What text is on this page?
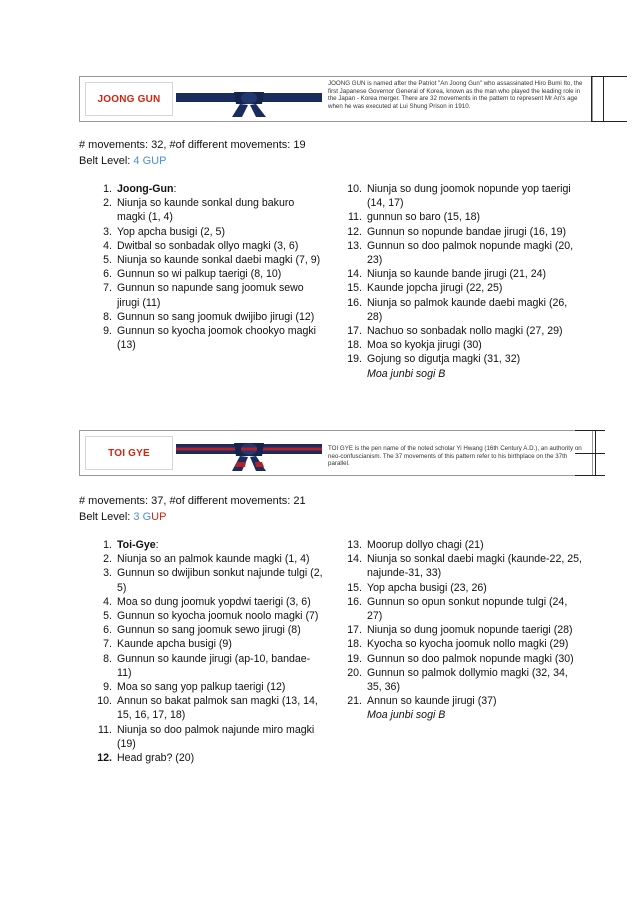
JOONG GUN
JOONG GUN is named after the Patriot "An Joong Gun" who assassinated Hiro Bumi Ito, the first Japanese Governor General of Korea, known as the man who played the leading role in the Japan - Korea merger. There are 32 movements in the pattern to represent Mr An's age when he was executed at Lui Shung Prison in 1910.
# movements: 32, #of different movements: 19
Belt Level: 4 GUP
1. Joong-Gun:
2. Niunja so kaunde sonkal dung bakuro magki (1, 4)
3. Yop apcha busigi (2, 5)
4. Dwitbal so sonbadak ollyo magki (3, 6)
5. Niunja so kaunde sonkal daebi magki (7, 9)
6. Gunnun so wi palkup taerigi (8, 10)
7. Gunnun so napunde sang joomuk sewo jirugi (11)
8. Gunnun so sang joomuk dwijibo jirugi (12)
9. Gunnun so kyocha joomok chookyo magki (13)
10. Niunja so dung joomok nopunde yop taerigi (14, 17)
11. gunnun so baro (15, 18)
12. Gunnun so nopunde bandae jirugi (16, 19)
13. Gunnun so doo palmok nopunde magki (20, 23)
14. Niunja so kaunde bande jirugi (21, 24)
15. Kaunde jopcha jirugi (22, 25)
16. Niunja so palmok kaunde daebi magki (26, 28)
17. Nachuo so sonbadak nollo magki (27, 29)
18. Moa so kyokja jirugi (30)
19. Gojung so digutja magki (31, 32)
Moa junbi sogi B
TOI GYE	TOI GYE is the pen name of the noted scholar Yi Hwang (16th Century A.D.), an authority on neo-confuscianism. The 37 movements of this pattern refer to his birthplace on the 37th parallel.
# movements: 37, #of different movements: 21
Belt Level: 3 GUP
1. Toi-Gye:
2. Niunja so an palmok kaunde magki (1, 4)
3. Gunnun so dwijibun sonkut najunde tulgi (2, 5)
4. Moa so dung joomuk yopdwi taerigi (3, 6)
5. Gunnun so kyocha joomuk noolo magki (7)
6. Gunnun so sang joomuk sewo jirugi (8)
7. Kaunde apcha busigi (9)
8. Gunnun so kaunde jirugi (ap-10, bandae-11)
9. Moa so sang yop palkup taerigi (12)
10. Annun so bakat palmok san magki (13, 14, 15, 16, 17, 18)
11. Niunja so doo palmok najunde miro magki (19)
12. Head grab? (20)
13. Moorup dollyo chagi (21)
14. Niunja so sonkal daebi magki (kaunde-22, 25, najunde-31, 33)
15. Yop apcha busigi (23, 26)
16. Gunnun so opun sonkut nopunde tulgi (24, 27)
17. Niunja so dung joomuk nopunde taerigi (28)
18. Kyocha so kyocha joomuk nollo magki (29)
19. Gunnun so doo palmok nopunde magki (30)
20. Gunnun so palmok dollymio magki (32, 34, 35, 36)
21. Annun so kaunde jirugi (37)
Moa junbi sogi B
